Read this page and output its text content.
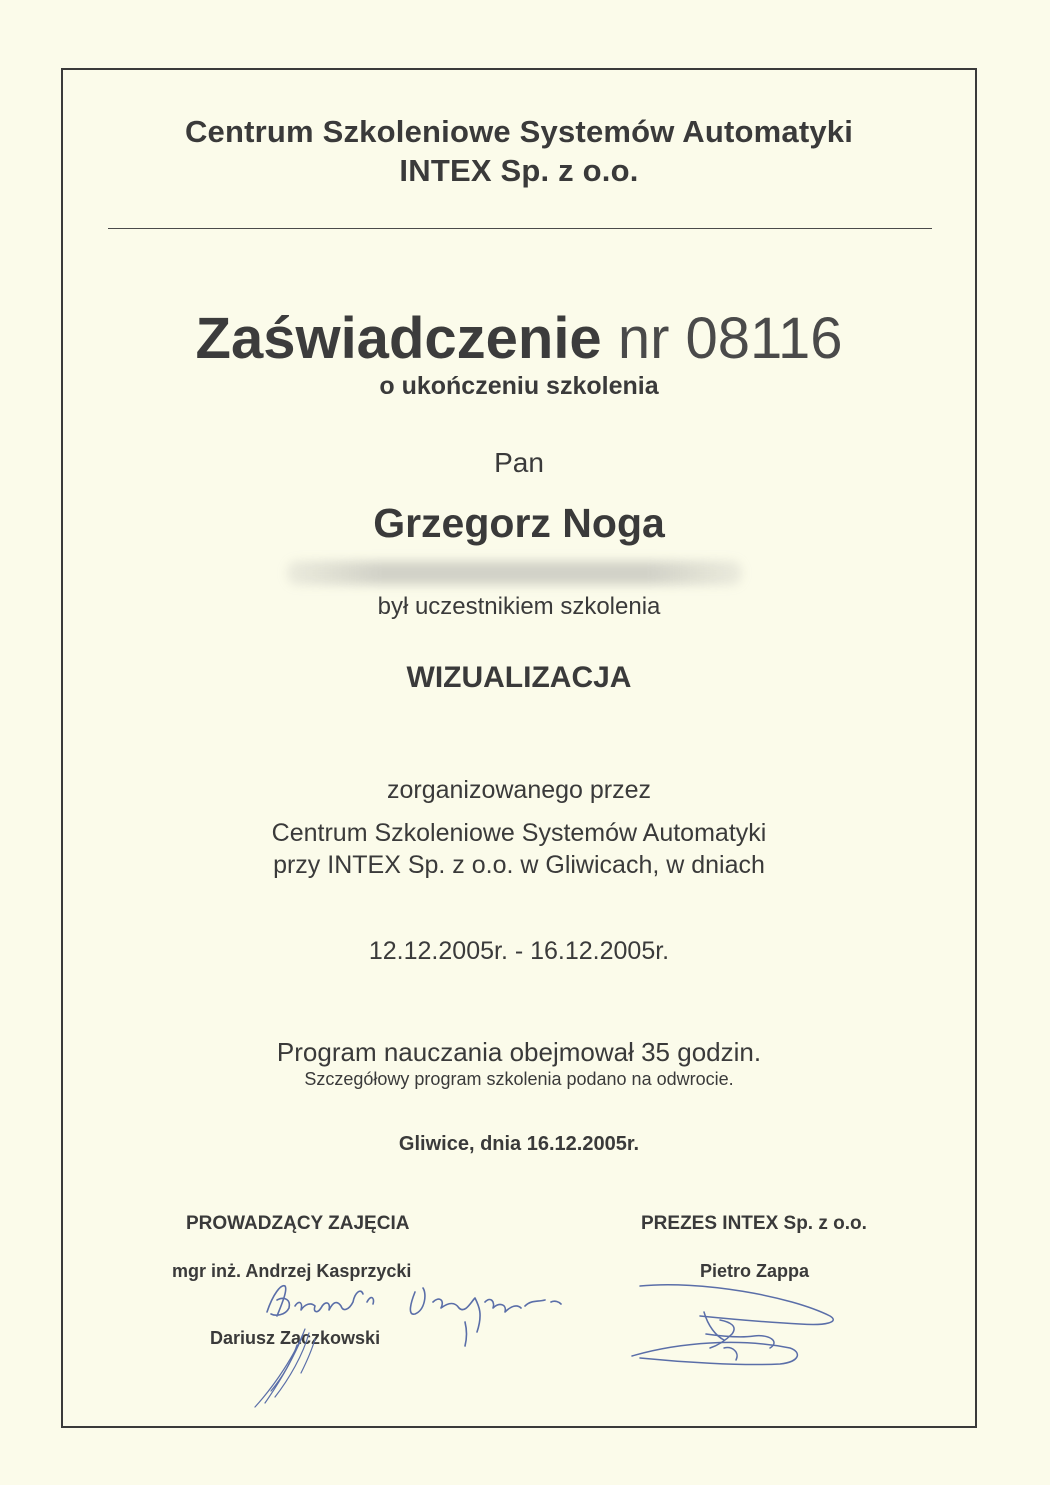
Centrum Szkoleniowe Systemów Automatyki

INTEX Sp. z o.o.

Zaświadczenie nr 08116

o ukończeniu szkolenia

Pan

Grzegorz Noga

był uczestnikiem szkolenia

WIZUALIZACJA

zorganizowanego przez

Centrum Szkoleniowe Systemów Automatyki

przy INTEX Sp. z o.o. w Gliwicach, w dniach

12.12.2005r. - 16.12.2005r.

Program nauczania obejmował 35 godzin.

Szczegółowy program szkolenia podano na odwrocie.

Gliwice, dnia 16.12.2005r.

PROWADZĄCY ZAJĘCIA

mgr inż. Andrzej Kasprzycki

Dariusz Zaczkowski

PREZES INTEX Sp. z o.o.

Pietro Zappa
